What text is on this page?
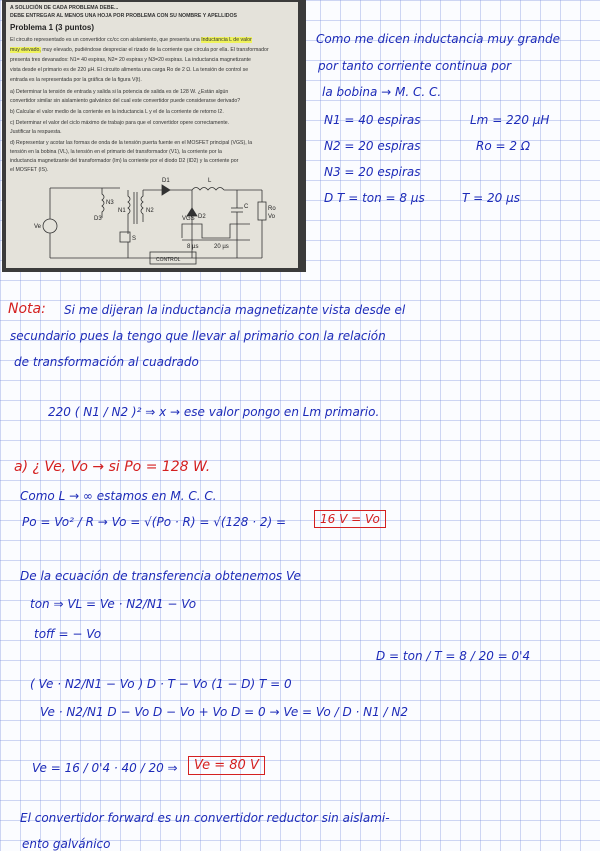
A SOLUCIÓN DE CADA PROBLEMA DEBE...
DEBE ENTREGAR AL MENOS UNA HOJA POR PROBLEMA CON SU NOMBRE Y APELLIDOS
Problema 1 (3 puntos)
El circuito representado es un convertidor cc/cc con aislamiento, que presenta una Inductancia L de valor
muy elevado, muy elevado, pudiéndose despreciar el rizado de la corriente que circula por ella. El transformador
presenta tres devanados: N1= 40 espiras, N2= 20 espiras y N3=20 espiras. La inductancia magnetizante
vista desde el primario es de 220 µH. El circuito alimenta una carga Ro de 2 Ω. La tensión de control se
entrada es la representada por la gráfica de la figura V(t).
a) Determinar la tensión de entrada y salida si la potencia de salida es de 128 W. ¿Están algún
convertidor similar sin aislamiento galvánico del cual este convertidor puede considerarse derivado?
b) Calcular el valor medio de la corriente en la inductancia L y el de la corriente de retorno I2.
c) Determinar el valor del ciclo máximo de trabajo para que el convertidor opere correctamente.
Justificar la respuesta.
d) Representar y acotar las formas de onda de la tensión puerta fuente en el MOSFET principal (VGS), la
tensión en la bobina (VL), la tensión en el primario del transformador (V1), la corriente por la
inductancia magnetizante del transformador (Im) la corriente por el diodo D2 (ID2) y la corriente por
el MOSFET (IS).
Ve
N3
N1	N2
D3
D1
D2
L
C	Ro
Vo
S
VGS
8 µs	20 µs
CONTROL
Como me dicen inductancia muy grande
por tanto corriente continua por
la bobina → M. C. C.
N1 = 40 espiras
N2 = 20 espiras
N3 = 20 espiras
D T = ton = 8 µs
Lm = 220 µH
Ro = 2 Ω
T = 20 µs
Nota: Si me dijeran la inductancia magnetizante vista desde el
secundario pues la tengo que llevar al primario con la relación
de transformación al cuadrado
220 ( N1 / N2 )² ⇒ x → ese valor pongo en Lm primario.
a) ¿ Ve, Vo → si Po = 128 W.
Como L → ∞ estamos en M. C. C.
Po = Vo² / R → Vo = √(Po · R) = √(128 · 2) =	16 V = Vo
De la ecuación de transferencia obtenemos Ve
ton ⇒ VL = Ve · N2/N1 − Vo
toff = − Vo
D = ton / T = 8 / 20 = 0'4
( Ve · N2/N1 − Vo ) D · T − Vo (1 − D) T = 0
Ve · N2/N1 D − Vo D − Vo + Vo D = 0 → Ve = Vo / D · N1 / N2
Ve = 16 / 0'4 · 40 / 20 ⇒	Ve = 80 V
El convertidor forward es un convertidor reductor sin aislami-
ento galvánico
